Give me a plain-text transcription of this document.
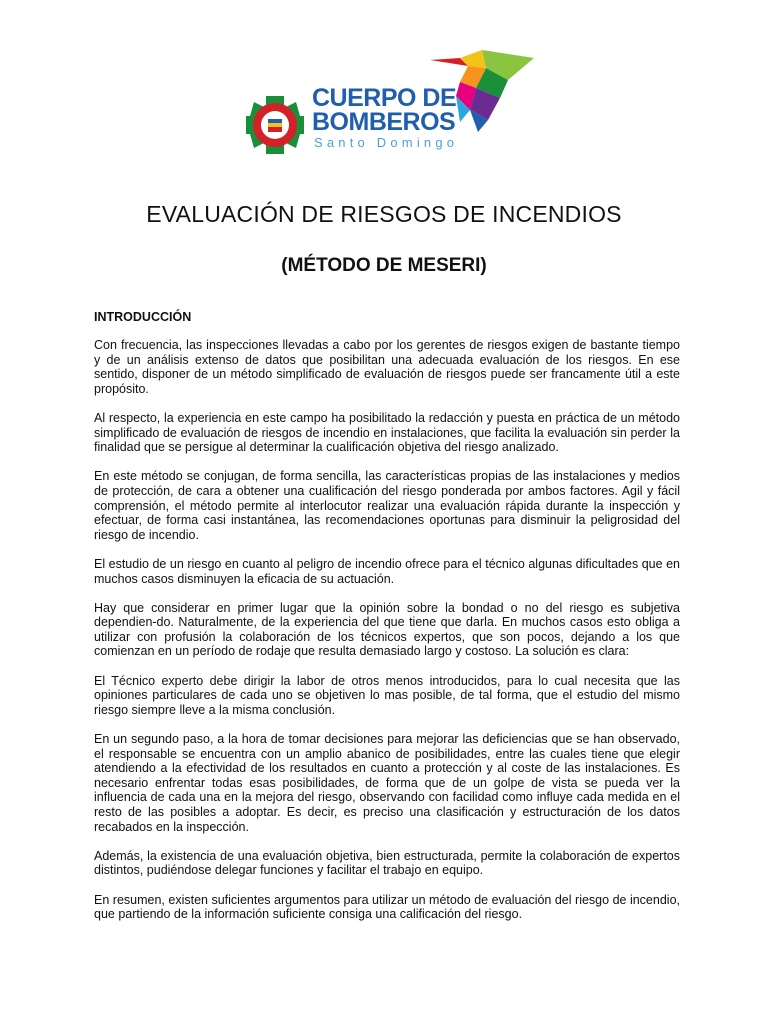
CUERPO DE
BOMBEROS
Santo Domingo
EVALUACIÓN DE RIESGOS DE INCENDIOS
(MÉTODO DE MESERI)
INTRODUCCIÓN

Con frecuencia, las inspecciones llevadas a cabo por los gerentes de riesgos exigen de bastante tiempo y de un análisis extenso de datos que posibilitan una adecuada evaluación de los riesgos. En ese sentido, disponer de un método simplificado de evaluación de riesgos puede ser francamente útil a este propósito.

Al respecto, la experiencia en este campo ha posibilitado la redacción y puesta en práctica de un método simplificado de evaluación de riesgos de incendio en instalaciones, que facilita la evaluación sin perder la finalidad que se persigue al determinar la cualificación objetiva del riesgo analizado.

En este método se conjugan, de forma sencilla, las características propias de las instalaciones y medios de protección, de cara a obtener una cualificación del riesgo ponderada por ambos factores. Agil y fácil comprensión, el método permite al interlocutor realizar una evaluación rápida durante la inspección y efectuar, de forma casi instantánea, las recomendaciones oportunas para disminuir la peligrosidad del riesgo de incendio.

El estudio de un riesgo en cuanto al peligro de incendio ofrece para el técnico algunas dificultades que en muchos casos disminuyen la eficacia de su actuación.

Hay que considerar en primer lugar que la opinión sobre la bondad o no del riesgo es subjetiva dependien-do. Naturalmente, de la experiencia del que tiene que darla. En muchos casos esto obliga a utilizar con profusión la colaboración de los técnicos expertos, que son pocos, dejando a los que comienzan en un período de rodaje que resulta demasiado largo y costoso. La solución es clara:

El Técnico experto debe dirigir la labor de otros menos introducidos, para lo cual necesita que las opiniones particulares de cada uno se objetiven lo mas posible, de tal forma, que el estudio del mismo riesgo siempre lleve a la misma conclusión.

En un segundo paso, a la hora de tomar decisiones para mejorar las deficiencias que se han observado, el responsable se encuentra con un amplio abanico de posibilidades, entre las cuales tiene que elegir atendiendo a la efectividad de los resultados en cuanto a protección y al coste de las instalaciones. Es necesario enfrentar todas esas posibilidades, de forma que de un golpe de vista se pueda ver la influencia de cada una en la mejora del riesgo, observando con facilidad como influye cada medida en el resto de las posibles a adoptar. Es decir, es preciso una clasificación y estructuración de los datos recabados en la inspección.

Además, la existencia de una evaluación objetiva, bien estructurada, permite la colaboración de expertos distintos, pudiéndose delegar funciones y facilitar el trabajo en equipo.

En resumen, existen suficientes argumentos para utilizar un método de evaluación del riesgo de incendio, que partiendo de la información suficiente consiga una calificación del riesgo.
